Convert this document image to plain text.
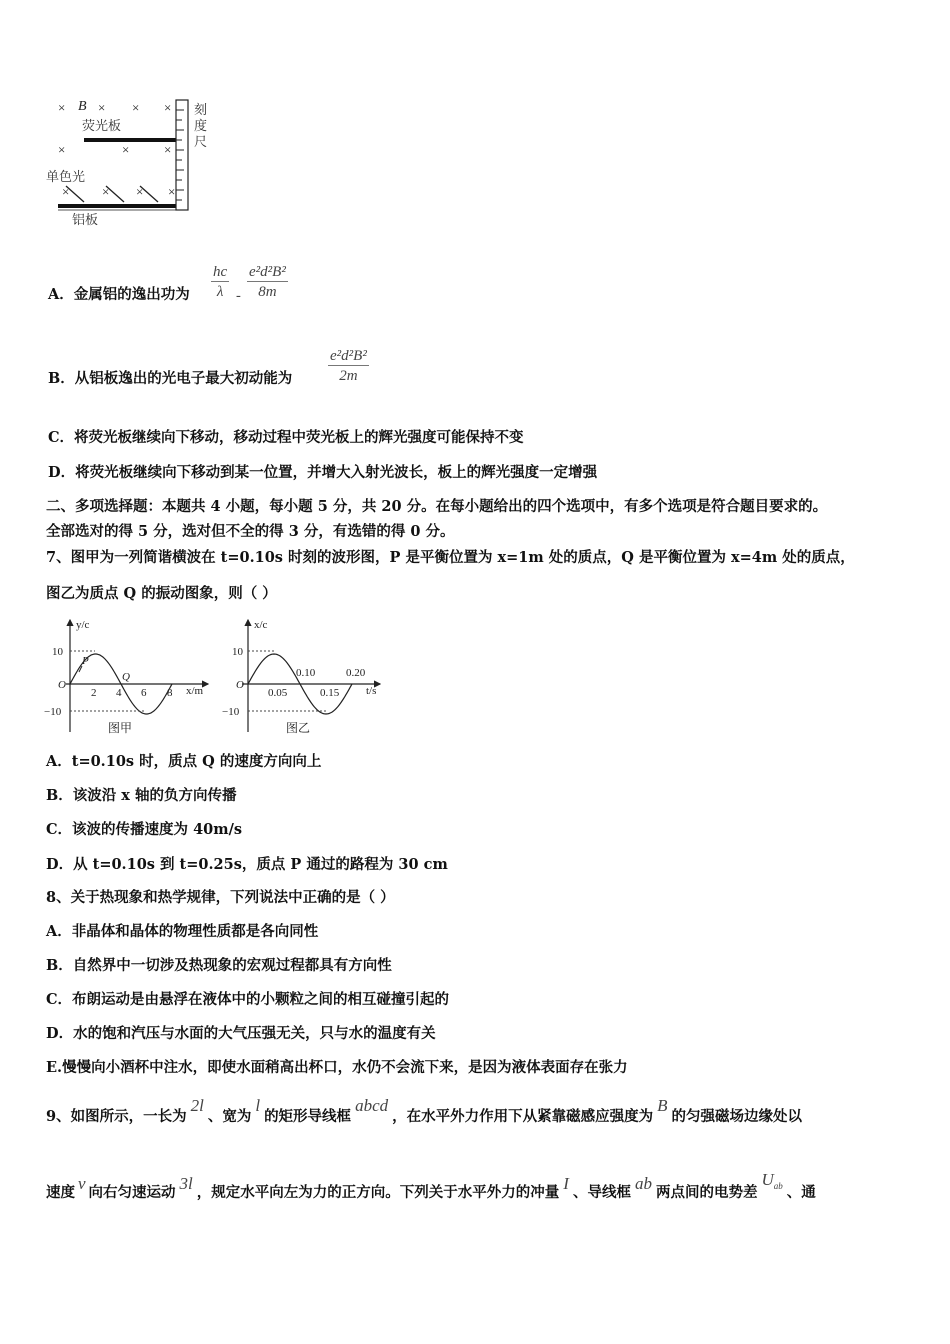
×	× × ×
×	×	×
×	× × ×
B
荧光板
单色光
铝板
刻
度
尺
A．金属铝的逸出功为 $\frac{hc}{\lambda} - \frac{\text{e²d²B²}}{8m}$
B．从铝板逸出的光电子最大初动能为 $\frac{\text{e²d²B²}}{2m}$
C．将荧光板继续向下移动，移动过程中荧光板上的辉光强度可能保持不变
D．将荧光板继续向下移动到某一位置，并增大入射光波长，板上的辉光强度一定增强
二、多项选择题：本题共 4 小题，每小题 5 分，共 20 分。在每小题给出的四个选项中，有多个选项是符合题目要求的。
全部选对的得 5 分，选对但不全的得 3 分，有选错的得 0 分。
7、图甲为一列简谐横波在 t=0.10s 时刻的波形图，P 是平衡位置为 x=1m 处的质点，Q 是平衡位置为 x=4m 处的质点，
图乙为质点 Q 的振动图象，则（ ）
y/c
x/m
10
−10
O
2 4 6 8
P
Q
图甲
x/c
t/s
10
−10
O
0.10	0.20
0.05	0.15
图乙
A．t=0.10s 时，质点 Q 的速度方向向上
B．该波沿 x 轴的负方向传播
C．该波的传播速度为 40m/s
D．从 t=0.10s 到 t=0.25s，质点 P 通过的路程为 30 cm
8、关于热现象和热学规律，下列说法中正确的是（ ）
A．非晶体和晶体的物理性质都是各向同性
B．自然界中一切涉及热现象的宏观过程都具有方向性
C．布朗运动是由悬浮在液体中的小颗粒之间的相互碰撞引起的
D．水的饱和汽压与水面的大气压强无关，只与水的温度有关
E.慢慢向小酒杯中注水，即使水面稍高出杯口，水仍不会流下来，是因为液体表面存在张力
9、如图所示，一长为2l、宽为l的矩形导线框abcd，在水平外力作用下从紧靠磁感应强度为B的匀强磁场边缘处以
速度 v 向右匀速运动 3l ，规定水平向左为力的正方向。下列关于水平外力的冲量 I 、导线框 ab 两点间的电势差$U^{ab}$ 、通
